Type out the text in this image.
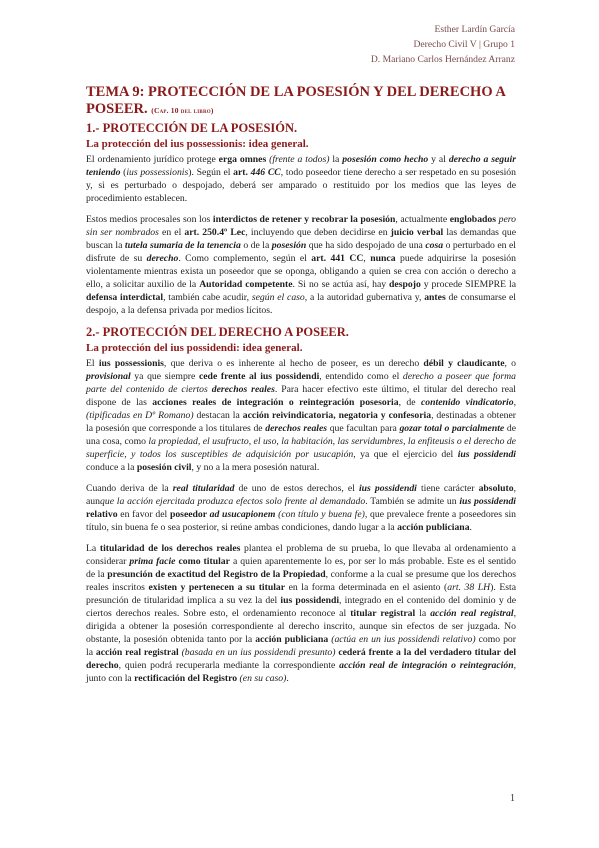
Esther Lardín García
Derecho Civil V | Grupo 1
D. Mariano Carlos Hernández Arranz
TEMA 9: PROTECCIÓN DE LA POSESIÓN Y DEL DERECHO A POSEER. (Cap. 10 del libro)
1.- PROTECCIÓN DE LA POSESIÓN.
La protección del ius possessionis: idea general.

El ordenamiento jurídico protege erga omnes (frente a todos) la posesión como hecho y al derecho a seguir teniendo (ius possessionis). Según el art. 446 CC, todo poseedor tiene derecho a ser respetado en su posesión y, si es perturbado o despojado, deberá ser amparado o restituido por los medios que las leyes de procedimiento establecen.

Estos medios procesales son los interdictos de retener y recobrar la posesión, actualmente englobados pero sin ser nombrados en el art. 250.4º Lec, incluyendo que deben decidirse en juicio verbal las demandas que buscan la tutela sumaria de la tenencia o de la posesión que ha sido despojado de una cosa o perturbado en el disfrute de su derecho. Como complemento, según el art. 441 CC, nunca puede adquirirse la posesión violentamente mientras exista un poseedor que se oponga, obligando a quien se crea con acción o derecho a ello, a solicitar auxilio de la Autoridad competente. Si no se actúa así, hay despojo y procede SIEMPRE la defensa interdictal, también cabe acudir, según el caso, a la autoridad gubernativa y, antes de consumarse el despojo, a la defensa privada por medios lícitos.

2.- PROTECCIÓN DEL DERECHO A POSEER.
La protección del ius possidendi: idea general.

El ius possessionis, que deriva o es inherente al hecho de poseer, es un derecho débil y claudicante, o provisional ya que siempre cede frente al ius possidendi, entendido como el derecho a poseer que forma parte del contenido de ciertos derechos reales. Para hacer efectivo este último, el titular del derecho real dispone de las acciones reales de integración o reintegración posesoria, de contenido vindicatorio, (tipificadas en Dº Romano) destacan la acción reivindicatoria, negatoria y confesoria, destinadas a obtener la posesión que corresponde a los titulares de derechos reales que facultan para gozar total o parcialmente de una cosa, como la propiedad, el usufructo, el uso, la habitación, las servidumbres, la enfiteusis o el derecho de superficie, y todos los susceptibles de adquisición por usucapión, ya que el ejercicio del ius possidendi conduce a la posesión civil, y no a la mera posesión natural.

Cuando deriva de la real titularidad de uno de estos derechos, el ius possidendi tiene carácter absoluto, aunque la acción ejercitada produzca efectos solo frente al demandado. También se admite un ius possidendi relativo en favor del poseedor ad usucapionem (con título y buena fe), que prevalece frente a poseedores sin título, sin buena fe o sea posterior, si reúne ambas condiciones, dando lugar a la acción publiciana.

La titularidad de los derechos reales plantea el problema de su prueba, lo que llevaba al ordenamiento a considerar prima facie como titular a quien aparentemente lo es, por ser lo más probable. Este es el sentido de la presunción de exactitud del Registro de la Propiedad, conforme a la cual se presume que los derechos reales inscritos existen y pertenecen a su titular en la forma determinada en el asiento (art. 38 LH). Esta presunción de titularidad implica a su vez la del ius possidendi, integrado en el contenido del dominio y de ciertos derechos reales. Sobre esto, el ordenamiento reconoce al titular registral la acción real registral, dirigida a obtener la posesión correspondiente al derecho inscrito, aunque sin efectos de ser juzgada. No obstante, la posesión obtenida tanto por la acción publiciana (actúa en un ius possidendi relativo) como por la acción real registral (basada en un ius possidendi presunto) cederá frente a la del verdadero titular del derecho, quien podrá recuperarla mediante la correspondiente acción real de integración o reintegración, junto con la rectificación del Registro (en su caso).

1
